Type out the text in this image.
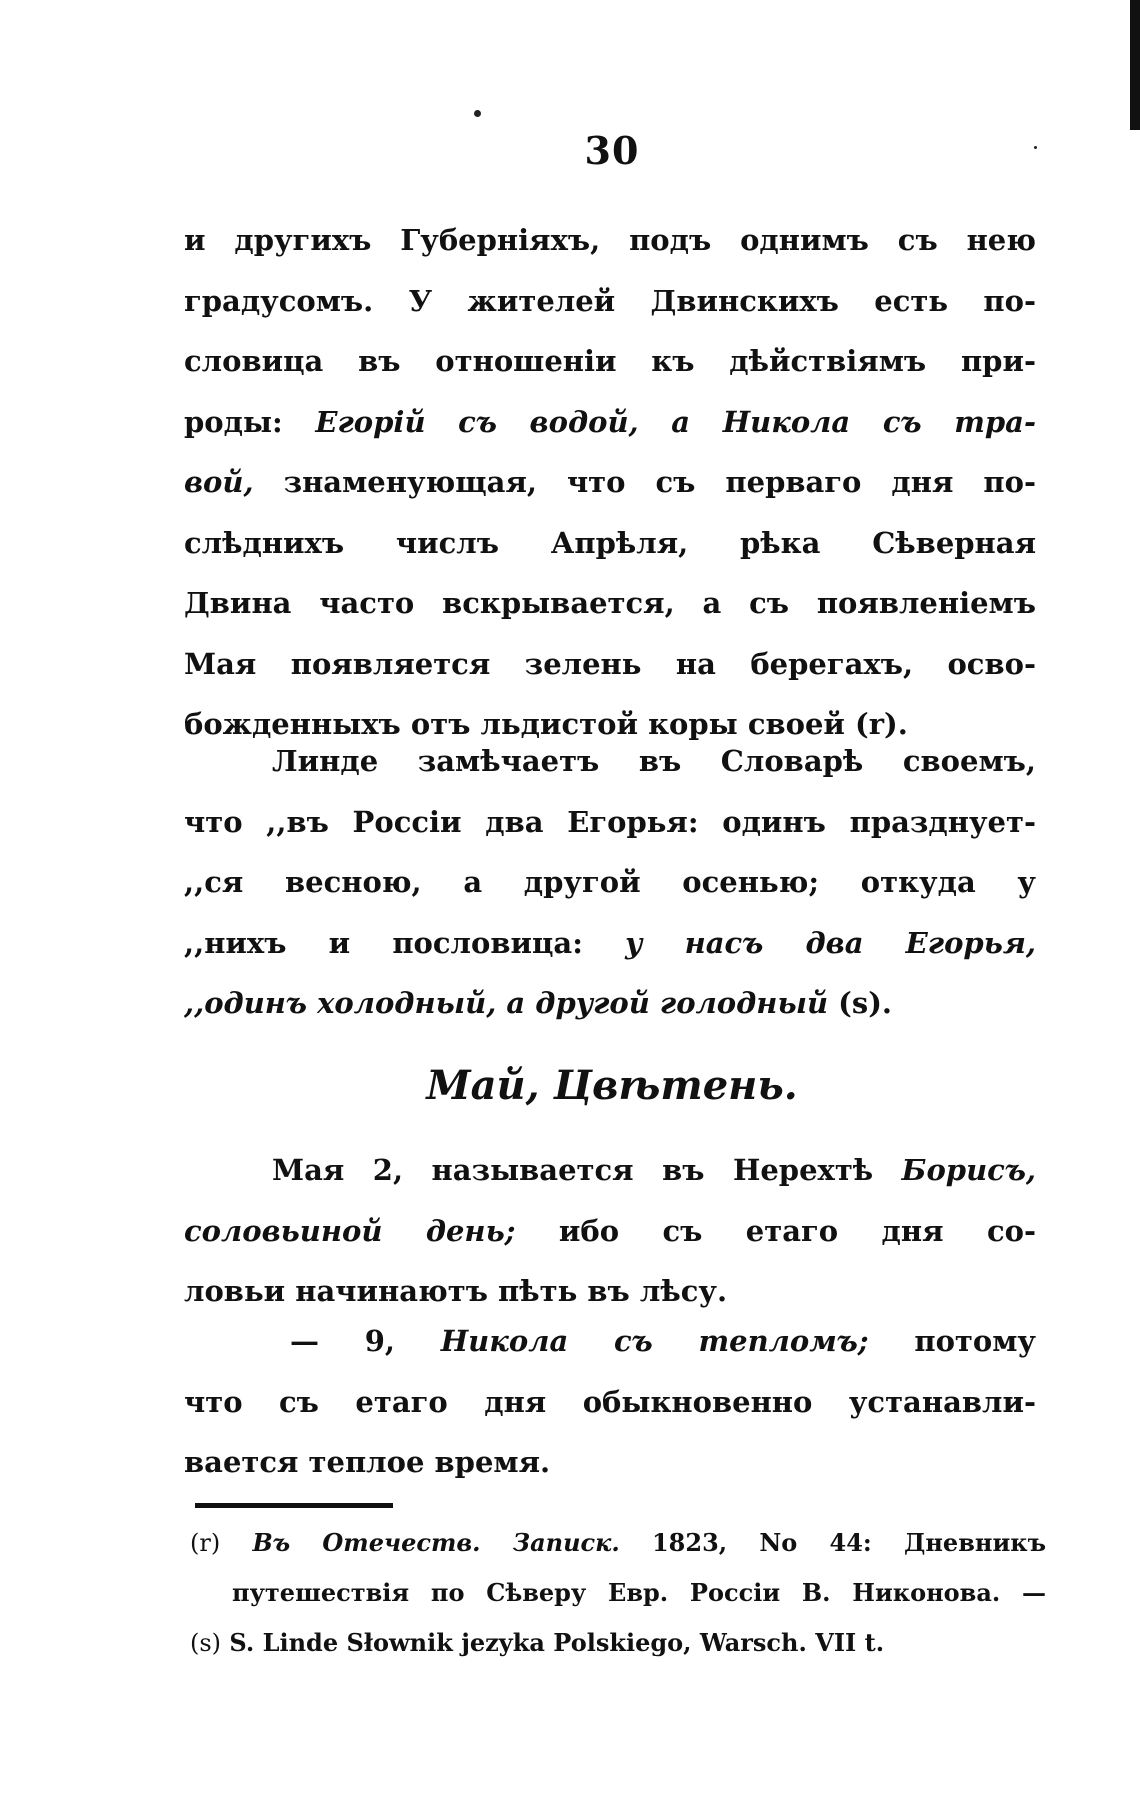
30
и другихъ Губерніяхъ, подъ однимъ съ нею
градусомъ. У жителей Двинскихъ есть по-
словица въ отношеніи къ дѣйствіямъ при-
роды: Егорій съ водой, а Никола съ тра-
вой, знаменующая, что съ перваго дня по-
слѣднихъ числъ Апрѣля, рѣка Сѣверная
Двина часто вскрывается, а съ появленіемъ
Мая появляется зелень на берегахъ, осво-
божденныхъ отъ льдистой коры своей (r).
Линде замѣчаетъ въ Словарѣ своемъ,
что ,,въ Россіи два Егорья: одинъ празднует-
,,ся весною, а другой осенью; откуда у
,,нихъ и пословица: у насъ два Егорья,
,,одинъ холодный, а другой голодный (s).
Май, Цвѣтень.
Мая 2, называется въ Нерехтѣ Борисъ,
соловьиной день; ибо съ етаго дня со-
ловьи начинаютъ пѣть въ лѣсу.
— 9, Никола съ тепломъ; потому
что съ етаго дня обыкновенно устанавли-
вается теплое время.
(r) Въ Отечеств. Записк. 1823, No 44: Дневникъ
путешествія по Сѣверу Евр. Россіи В. Никонова. —
(s) S. Linde Słownik jezyka Polskiego, Warsch. VII t.
